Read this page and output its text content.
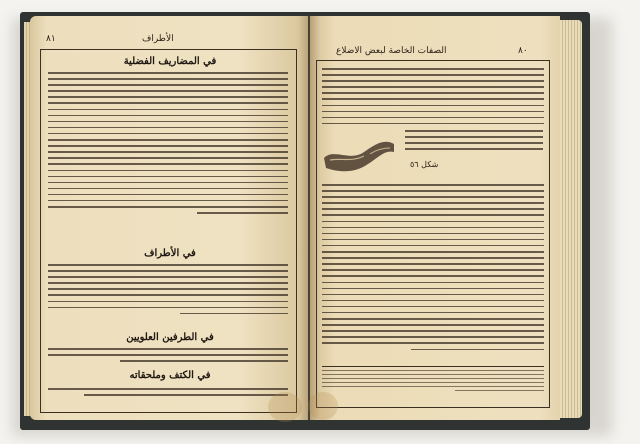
الأطراف
٨١
في المضاريف الفضلية
في الأطراف
في الطرفين العلويين
في الكتف وملحقاته
الصفات الخاصة لبعض الاضلاع	٨٠
شكل ٥٦
